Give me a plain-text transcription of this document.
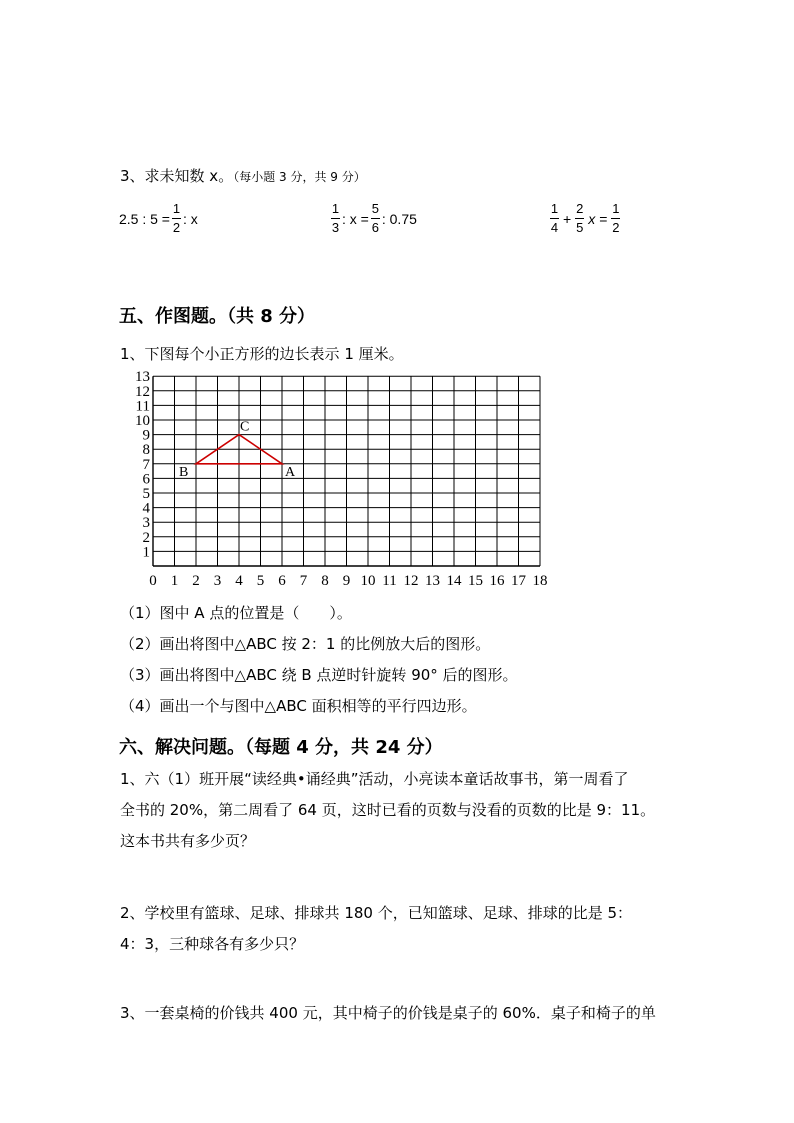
3、求未知数 x。（每小题 3 分，共 9 分）
2.5 : $5 = \frac{1}{2}$ : x	$\frac{1}{3}$ : $x = \frac{5}{6}$ : 0.75	$\frac{1}{4} + \frac{2}{5}$ $x = \frac{1}{2}$
五、作图题。（共 8 分）
1、下图每个小正方形的边长表示 1 厘米。
0 1 2 3 4 5 6 7 8 9 10 11 12 13 14 15 16 17 18
1
2
3
4
5
6
7
8
9
10
11
12
13
A
B
C
（1）图中 A 点的位置是（　　）。
（2）画出将图中△ABC 按 2：1 的比例放大后的图形。
（3）画出将图中△ABC 绕 B 点逆时针旋转 90° 后的图形。
（4）画出一个与图中△ABC 面积相等的平行四边形。
六、解决问题。（每题 4 分，共 24 分）
1、六（1）班开展“读经典•诵经典”活动，小亮读本童话故事书，第一周看了
全书的 20%，第二周看了 64 页，这时已看的页数与没看的页数的比是 9：11。
这本书共有多少页？
2、学校里有篮球、足球、排球共 180 个，已知篮球、足球、排球的比是 5：
4：3，三种球各有多少只？
3、一套桌椅的价钱共 400 元，其中椅子的价钱是桌子的 60%．桌子和椅子的单
